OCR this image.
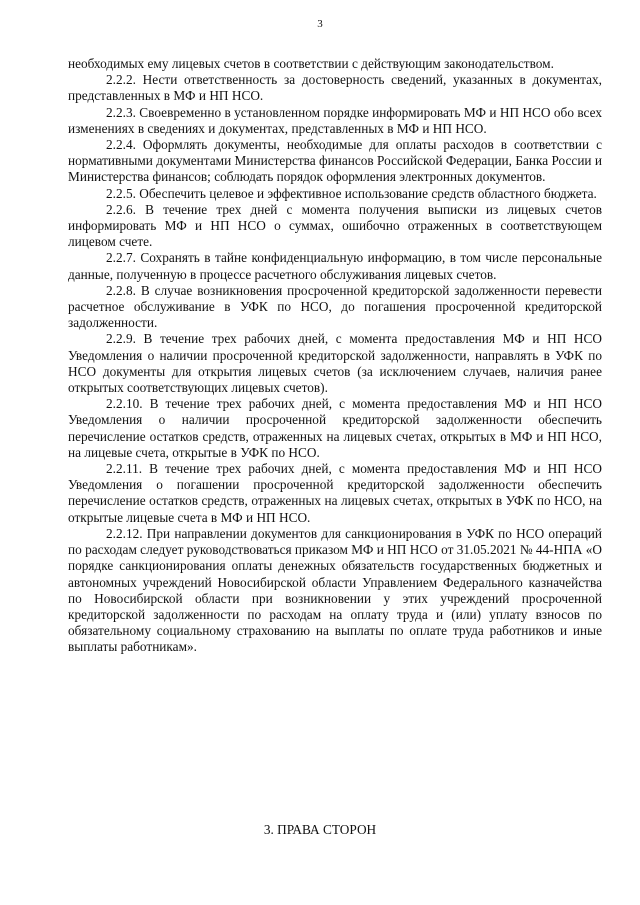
3

необходимых ему лицевых счетов в соответствии с действующим законодательством.

2.2.2. Нести ответственность за достоверность сведений, указанных в документах, представленных в МФ и НП НСО.

2.2.3. Своевременно в установленном порядке информировать МФ и НП НСО обо всех изменениях в сведениях и документах, представленных в МФ и НП НСО.

2.2.4. Оформлять документы, необходимые для оплаты расходов в соответствии с нормативными документами Министерства финансов Российской Федерации, Банка России и Министерства финансов; соблюдать порядок оформления электронных документов.

2.2.5. Обеспечить целевое и эффективное использование средств областного бюджета.

2.2.6. В течение трех дней с момента получения выписки из лицевых счетов информировать МФ и НП НСО о суммах, ошибочно отраженных в соответствующем лицевом счете.

2.2.7. Сохранять в тайне конфиденциальную информацию, в том числе персональные данные, полученную в процессе расчетного обслуживания лицевых счетов.

2.2.8. В случае возникновения просроченной кредиторской задолженности перевести расчетное обслуживание в УФК по НСО, до погашения просроченной кредиторской задолженности.

2.2.9. В течение трех рабочих дней, с момента предоставления МФ и НП НСО Уведомления о наличии просроченной кредиторской задолженности, направлять в УФК по НСО документы для открытия лицевых счетов (за исключением случаев, наличия ранее открытых соответствующих лицевых счетов).

2.2.10. В течение трех рабочих дней, с момента предоставления МФ и НП НСО Уведомления о наличии просроченной кредиторской задолженности обеспечить перечисление остатков средств, отраженных на лицевых счетах, открытых в МФ и НП НСО, на лицевые счета, открытые в УФК по НСО.

2.2.11. В течение трех рабочих дней, с момента предоставления МФ и НП НСО Уведомления о погашении просроченной кредиторской задолженности обеспечить перечисление остатков средств, отраженных на лицевых счетах, открытых в УФК по НСО, на открытые лицевые счета в МФ и НП НСО.

2.2.12. При направлении документов для санкционирования в УФК по НСО операций по расходам следует руководствоваться приказом МФ и НП НСО от 31.05.2021 № 44-НПА «О порядке санкционирования оплаты денежных обязательств государственных бюджетных и автономных учреждений Новосибирской области Управлением Федерального казначейства по Новосибирской области при возникновении у этих учреждений просроченной кредиторской задолженности по расходам на оплату труда и (или) уплату взносов по обязательному социальному страхованию на выплаты по оплате труда работников и иные выплаты работникам».

3. ПРАВА СТОРОН
